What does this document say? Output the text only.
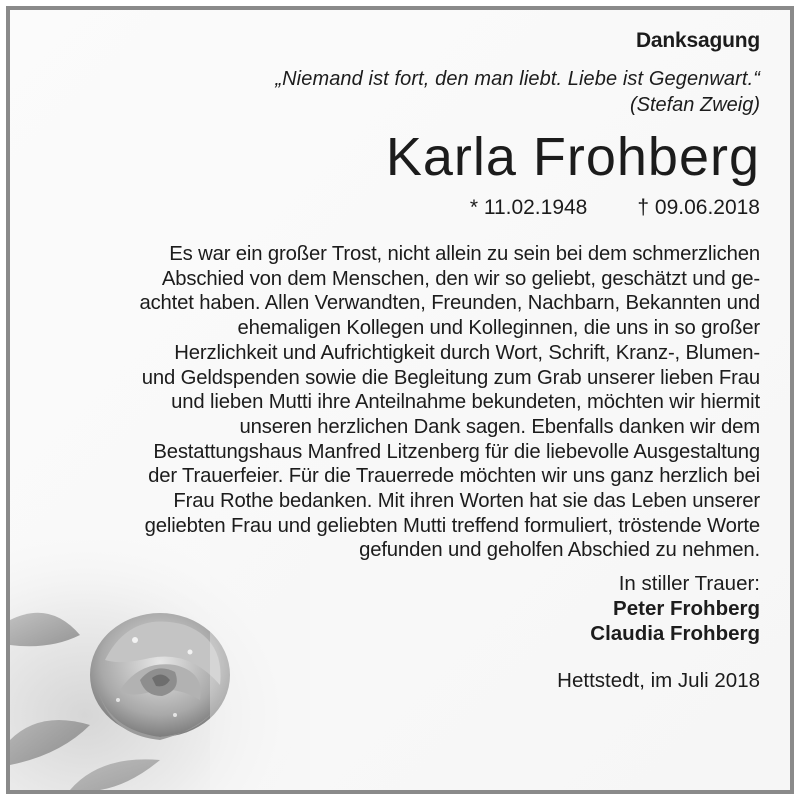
Danksagung
„Niemand ist fort, den man liebt. Liebe ist Gegenwart.“
(Stefan Zweig)
Karla Frohberg
* 11.02.1948 † 09.06.2018
Es war ein großer Trost, nicht allein zu sein bei dem schmerzlichen
Abschied von dem Menschen, den wir so geliebt, geschätzt und ge-
achtet haben. Allen Verwandten, Freunden, Nachbarn, Bekannten und
ehemaligen Kollegen und Kolleginnen, die uns in so großer
Herzlichkeit und Aufrichtigkeit durch Wort, Schrift, Kranz-, Blumen-
und Geldspenden sowie die Begleitung zum Grab unserer lieben Frau
und lieben Mutti ihre Anteilnahme bekundeten, möchten wir hiermit
unseren herzlichen Dank sagen. Ebenfalls danken wir dem
Bestattungshaus Manfred Litzenberg für die liebevolle Ausgestaltung
der Trauerfeier. Für die Trauerrede möchten wir uns ganz herzlich bei
Frau Rothe bedanken. Mit ihren Worten hat sie das Leben unserer
geliebten Frau und geliebten Mutti treffend formuliert, tröstende Worte
gefunden und geholfen Abschied zu nehmen.
In stiller Trauer:
Peter Frohberg
Claudia Frohberg
Hettstedt, im Juli 2018
